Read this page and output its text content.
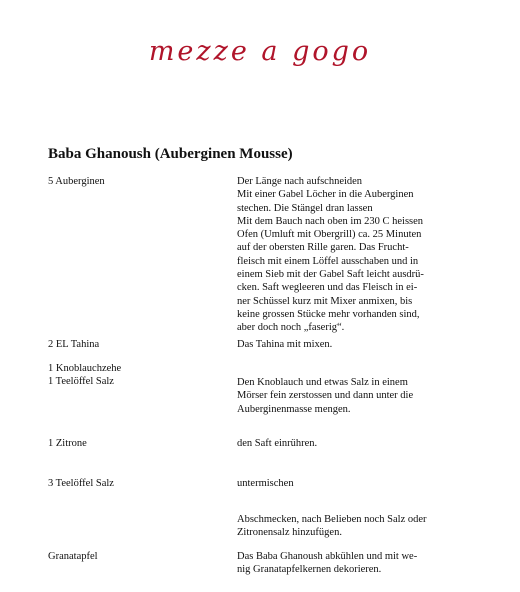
mezze a gogo
Baba Ghanoush (Auberginen Mousse)
5 Auberginen
2 EL Tahina
1 Knoblauchzehe
1 Teelöffel Salz
1 Zitrone
3 Teelöffel Salz
Granatapfel
Der Länge nach aufschneiden
Mit einer Gabel Löcher in die Auberginen
stechen. Die Stängel dran lassen
Mit dem Bauch nach oben im 230 C heissen
Ofen (Umluft mit Obergrill) ca. 25 Minuten
auf der obersten Rille garen. Das Frucht-
fleisch mit einem Löffel ausschaben und in
einem Sieb mit der Gabel Saft leicht ausdrü-
cken. Saft wegleeren und das Fleisch in ei-
ner Schüssel kurz mit Mixer anmixen, bis
keine grossen Stücke mehr vorhanden sind,
aber doch noch „faserig“.
Das Tahina mit mixen.
Den Knoblauch und etwas Salz in einem
Mörser fein zerstossen und dann unter die
Auberginenmasse mengen.
den Saft einrühren.
untermischen
Abschmecken, nach Belieben noch Salz oder
Zitronensalz hinzufügen.
Das Baba Ghanoush abkühlen und mit we-
nig Granatapfelkernen dekorieren.
